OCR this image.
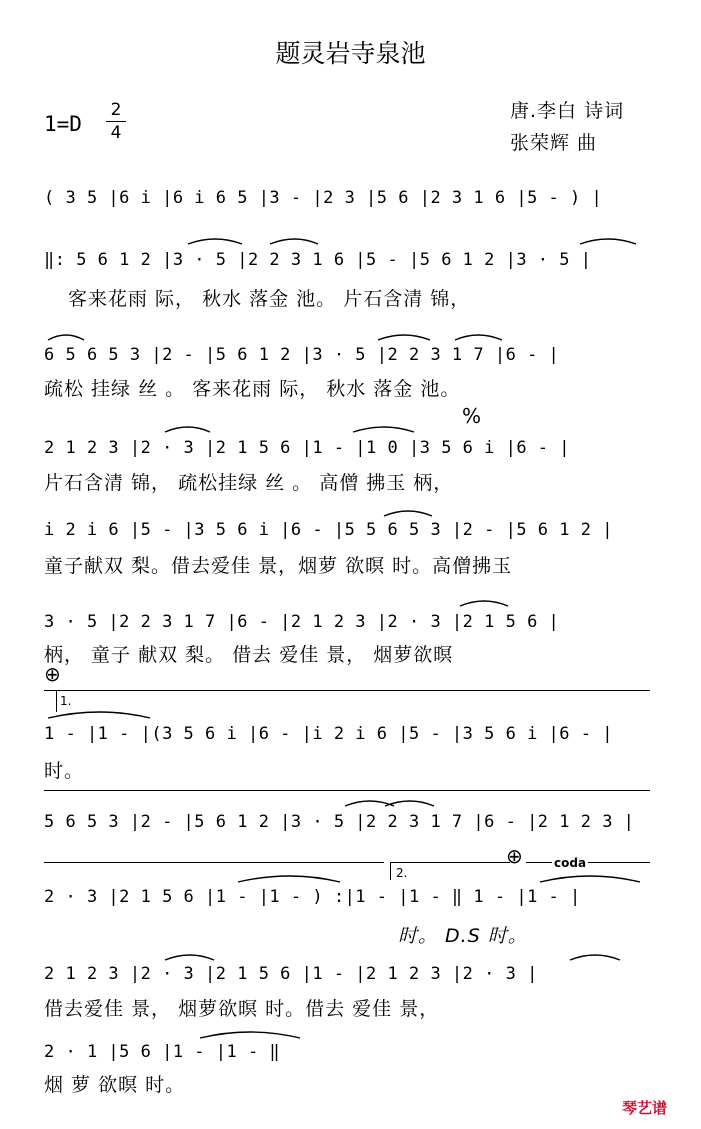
题灵岩寺泉池
1=D
2
4
唐.李白 诗词
张荣辉 曲
( 3 5 |6 i |6 i 6 5 |3 - |2 3 |5 6 |2 3 1 6 |5 - ) |
‖: 5 6 1 2 |3 · 5 |2 2 3 1 6 |5 - |5 6 1 2 |3 · 5 |
客来花雨 际， 秋水 落金 池。 片石含清 锦，
6 5 6 5 3 |2 - |5 6 1 2 |3 · 5 |2 2 3 1 7 |6 - |
疏松 挂绿 丝 。 客来花雨 际， 秋水 落金 池。
%
2 1 2 3 |2 · 3 |2 1 5 6 |1 - |1 0 |3 5 6 i |6 - |
片石含清 锦， 疏松挂绿 丝 。 高僧 拂玉 柄，
i 2 i 6 |5 - |3 5 6 i |6 - |5 5 6 5 3 |2 - |5 6 1 2 |
童子献双 梨。借去爱佳 景，烟萝 欲暝 时。高僧拂玉
3 · 5 |2 2 3 1 7 |6 - |2 1 2 3 |2 · 3 |2 1 5 6 |
柄， 童子 献双 梨。 借去 爱佳 景， 烟萝欲暝
⊕
1.
1 - |1 - |(3 5 6 i |6 - |i 2 i 6 |5 - |3 5 6 i |6 - |
时。
5 6 5 3 |2 - |5 6 1 2 |3 · 5 |2 2 3 1 7 |6 - |2 1 2 3 |
2.
⊕	coda
2 · 3 |2 1 5 6 |1 - |1 - ) :|1 - |1 - ‖ 1 - |1 - |
时。 D.S 时。
2 1 2 3 |2 · 3 |2 1 5 6 |1 - |2 1 2 3 |2 · 3 |
借去爱佳 景， 烟萝欲暝 时。借去 爱佳 景，
2 · 1 |5 6 |1 - |1 - ‖
烟 萝 欲暝 时。
琴艺谱
